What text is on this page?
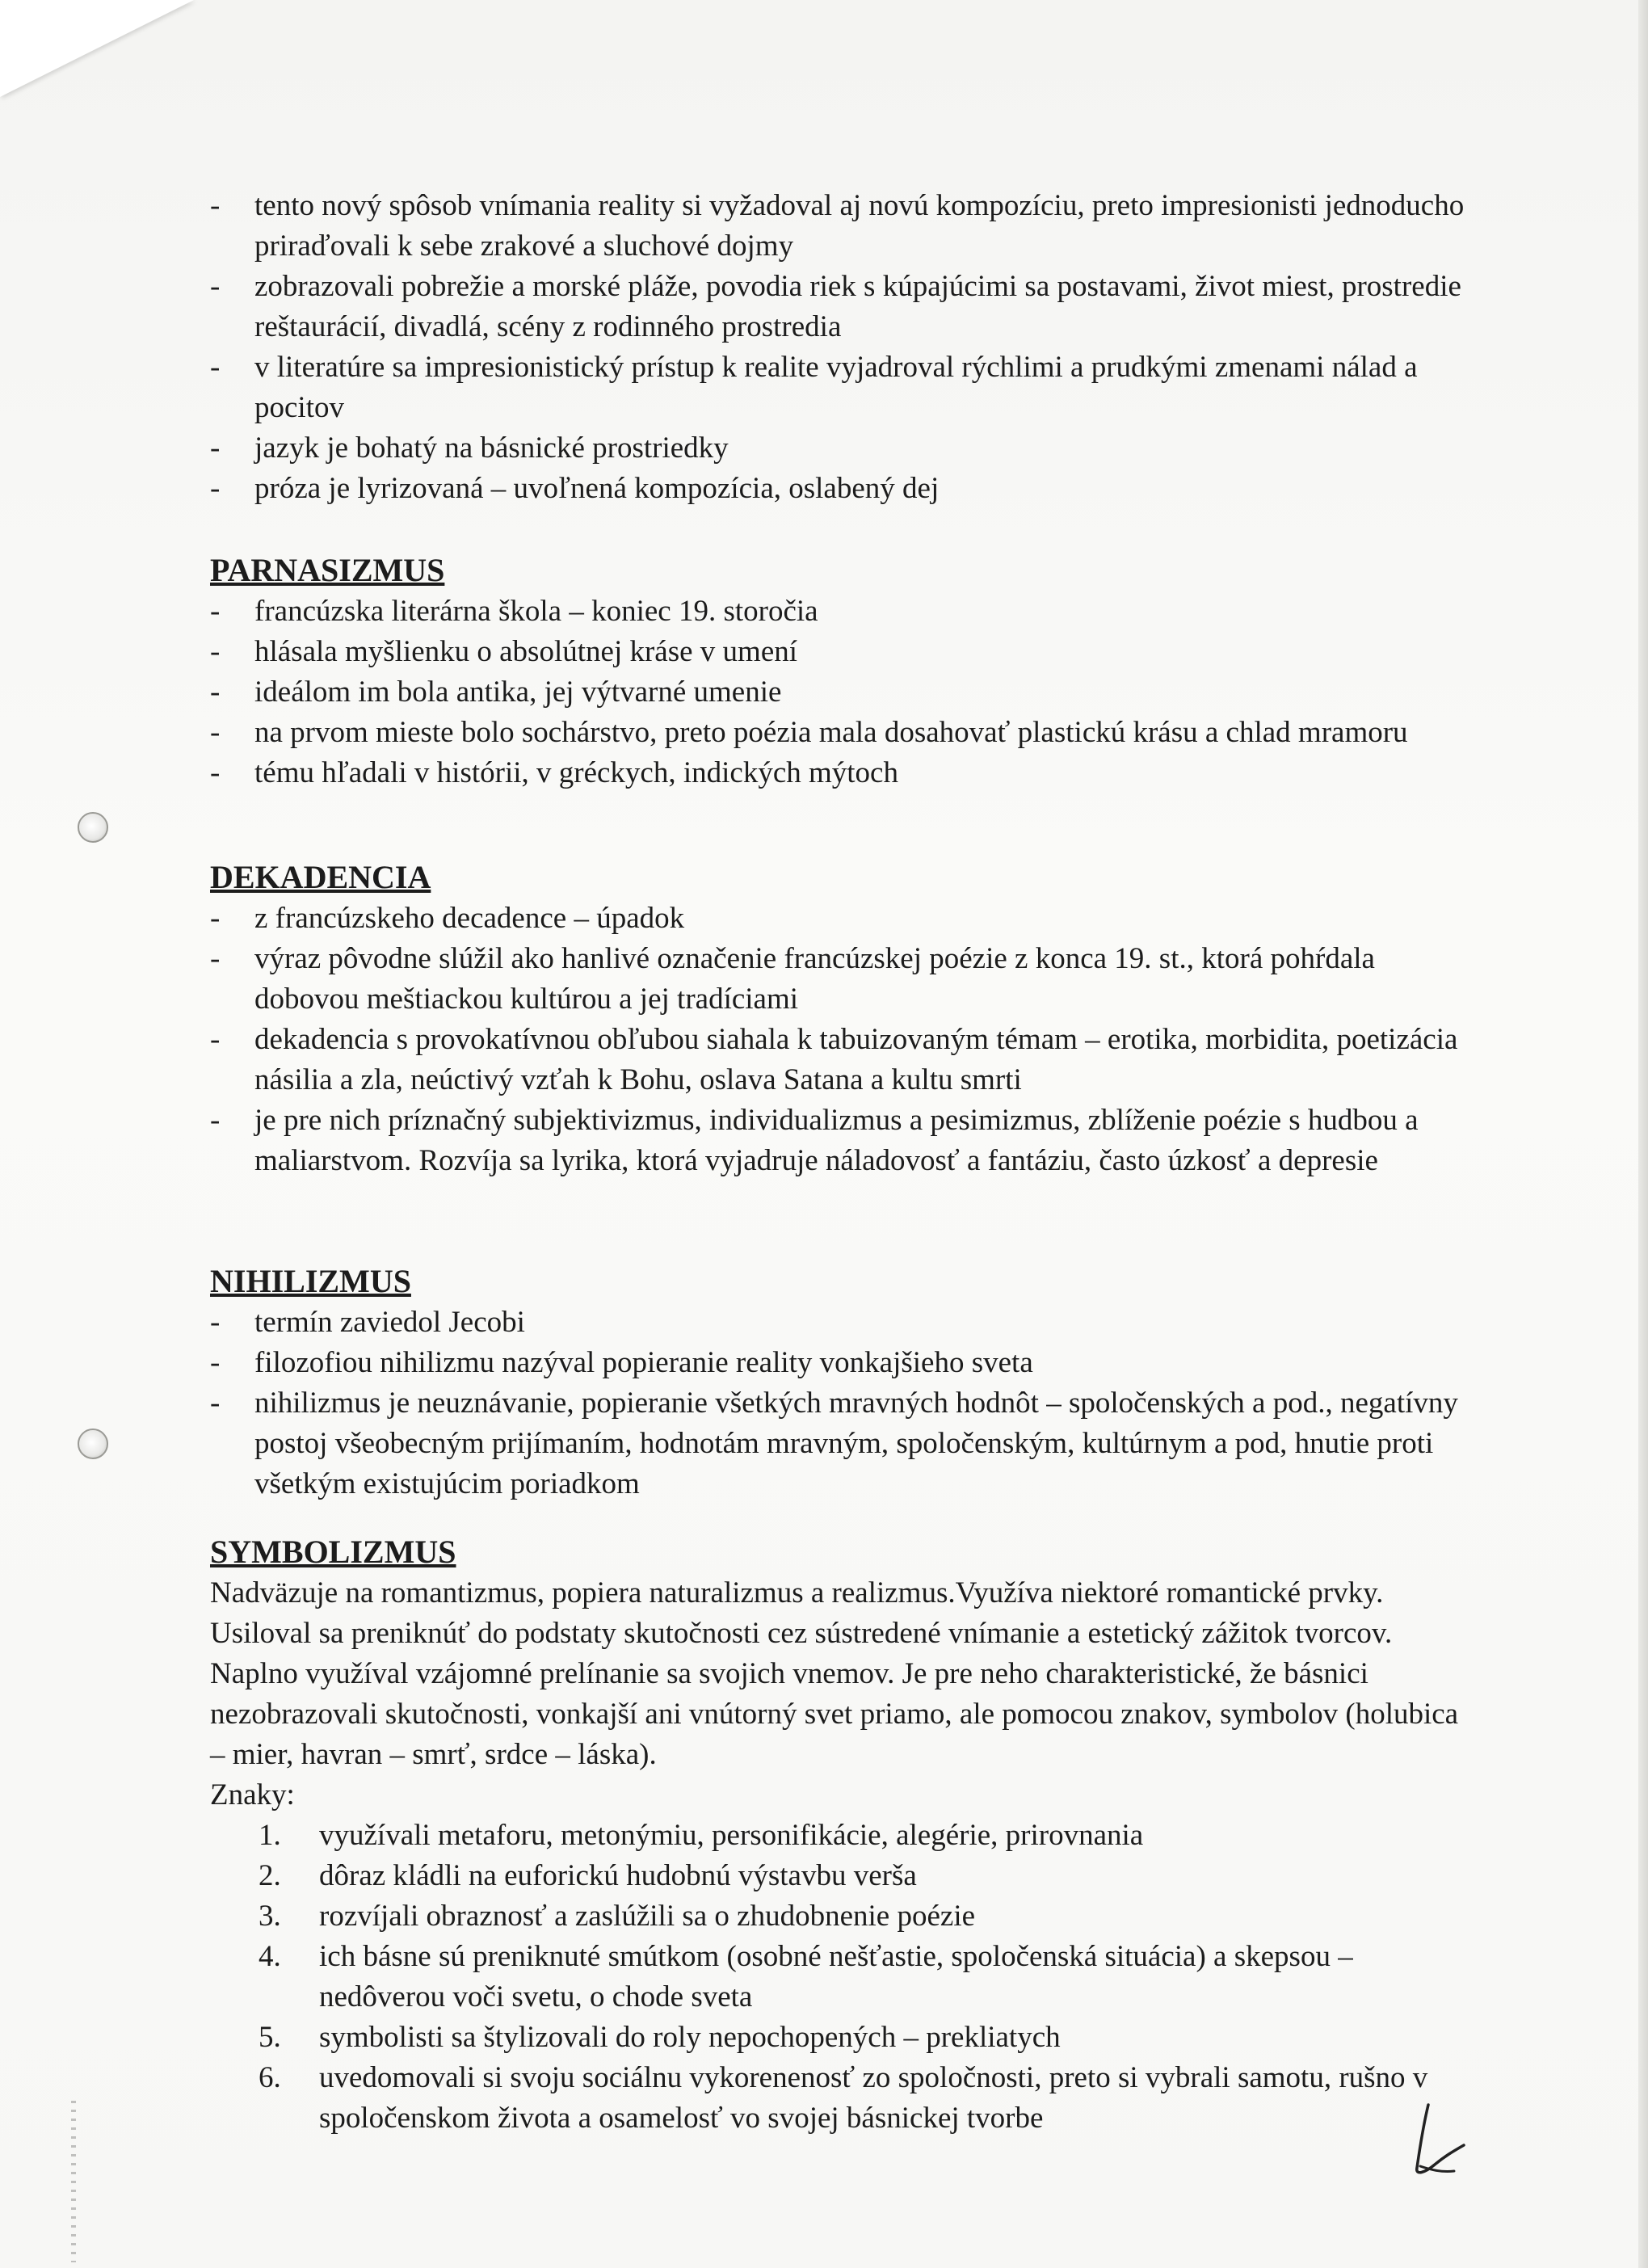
- tento nový spôsob vnímania reality si vyžadoval aj novú kompozíciu, preto impresionisti jednoducho priraďovali k sebe zrakové a sluchové dojmy
- zobrazovali pobrežie a morské pláže, povodia riek s kúpajúcimi sa postavami, život miest, prostredie reštaurácií, divadlá, scény z rodinného prostredia
- v literatúre sa impresionistický prístup k realite vyjadroval rýchlimi a prudkými zmenami nálad a pocitov
- jazyk je bohatý na básnické prostriedky
- próza je lyrizovaná – uvoľnená kompozícia, oslabený dej

PARNASIZMUS

- francúzska literárna škola – koniec 19. storočia
- hlásala myšlienku o absolútnej kráse v umení
- ideálom im bola antika, jej výtvarné umenie
- na prvom mieste bolo sochárstvo, preto poézia mala dosahovať plastickú krásu a chlad mramoru
- tému hľadali v histórii, v gréckych, indických mýtoch

DEKADENCIA

- z francúzskeho decadence – úpadok
- výraz pôvodne slúžil ako hanlivé označenie francúzskej poézie z konca 19. st., ktorá pohŕdala dobovou meštiackou kultúrou a jej tradíciami
- dekadencia s provokatívnou obľubou siahala k tabuizovaným témam – erotika, morbidita, poetizácia násilia a zla, neúctivý vzťah k Bohu, oslava Satana a kultu smrti
- je pre nich príznačný subjektivizmus, individualizmus a pesimizmus, zblíženie poézie s hudbou a maliarstvom. Rozvíja sa lyrika, ktorá vyjadruje náladovosť a fantáziu, často úzkosť a depresie

NIHILIZMUS

- termín zaviedol Jecobi
- filozofiou nihilizmu nazýval popieranie reality vonkajšieho sveta
- nihilizmus je neuznávanie, popieranie všetkých mravných hodnôt – spoločenských a pod., negatívny postoj všeobecným prijímaním, hodnotám mravným, spoločenským, kultúrnym a pod, hnutie proti všetkým existujúcim poriadkom

SYMBOLIZMUS

Nadväzuje na romantizmus, popiera naturalizmus a realizmus.Využíva niektoré romantické prvky. Usiloval sa preniknúť do podstaty skutočnosti cez sústredené vnímanie a estetický zážitok tvorcov. Naplno využíval vzájomné prelínanie sa svojich vnemov. Je pre neho charakteristické, že básnici nezobrazovali skutočnosti, vonkajší ani vnútorný svet priamo, ale pomocou znakov, symbolov (holubica – mier, havran – smrť, srdce – láska).

Znaky:

1. využívali metaforu, metonýmiu, personifikácie, alegérie, prirovnania
2. dôraz kládli na euforickú hudobnú výstavbu verša
3. rozvíjali obraznosť a zaslúžili sa o zhudobnenie poézie
4. ich básne sú preniknuté smútkom (osobné nešťastie, spoločenská situácia) a skepsou – nedôverou voči svetu, o chode sveta
5. symbolisti sa štylizovali do roly nepochopených – prekliatych
6. uvedomovali si svoju sociálnu vykorenenosť zo spoločnosti, preto si vybrali samotu, rušno v spoločenskom života a osamelosť vo svojej básnickej tvorbe
